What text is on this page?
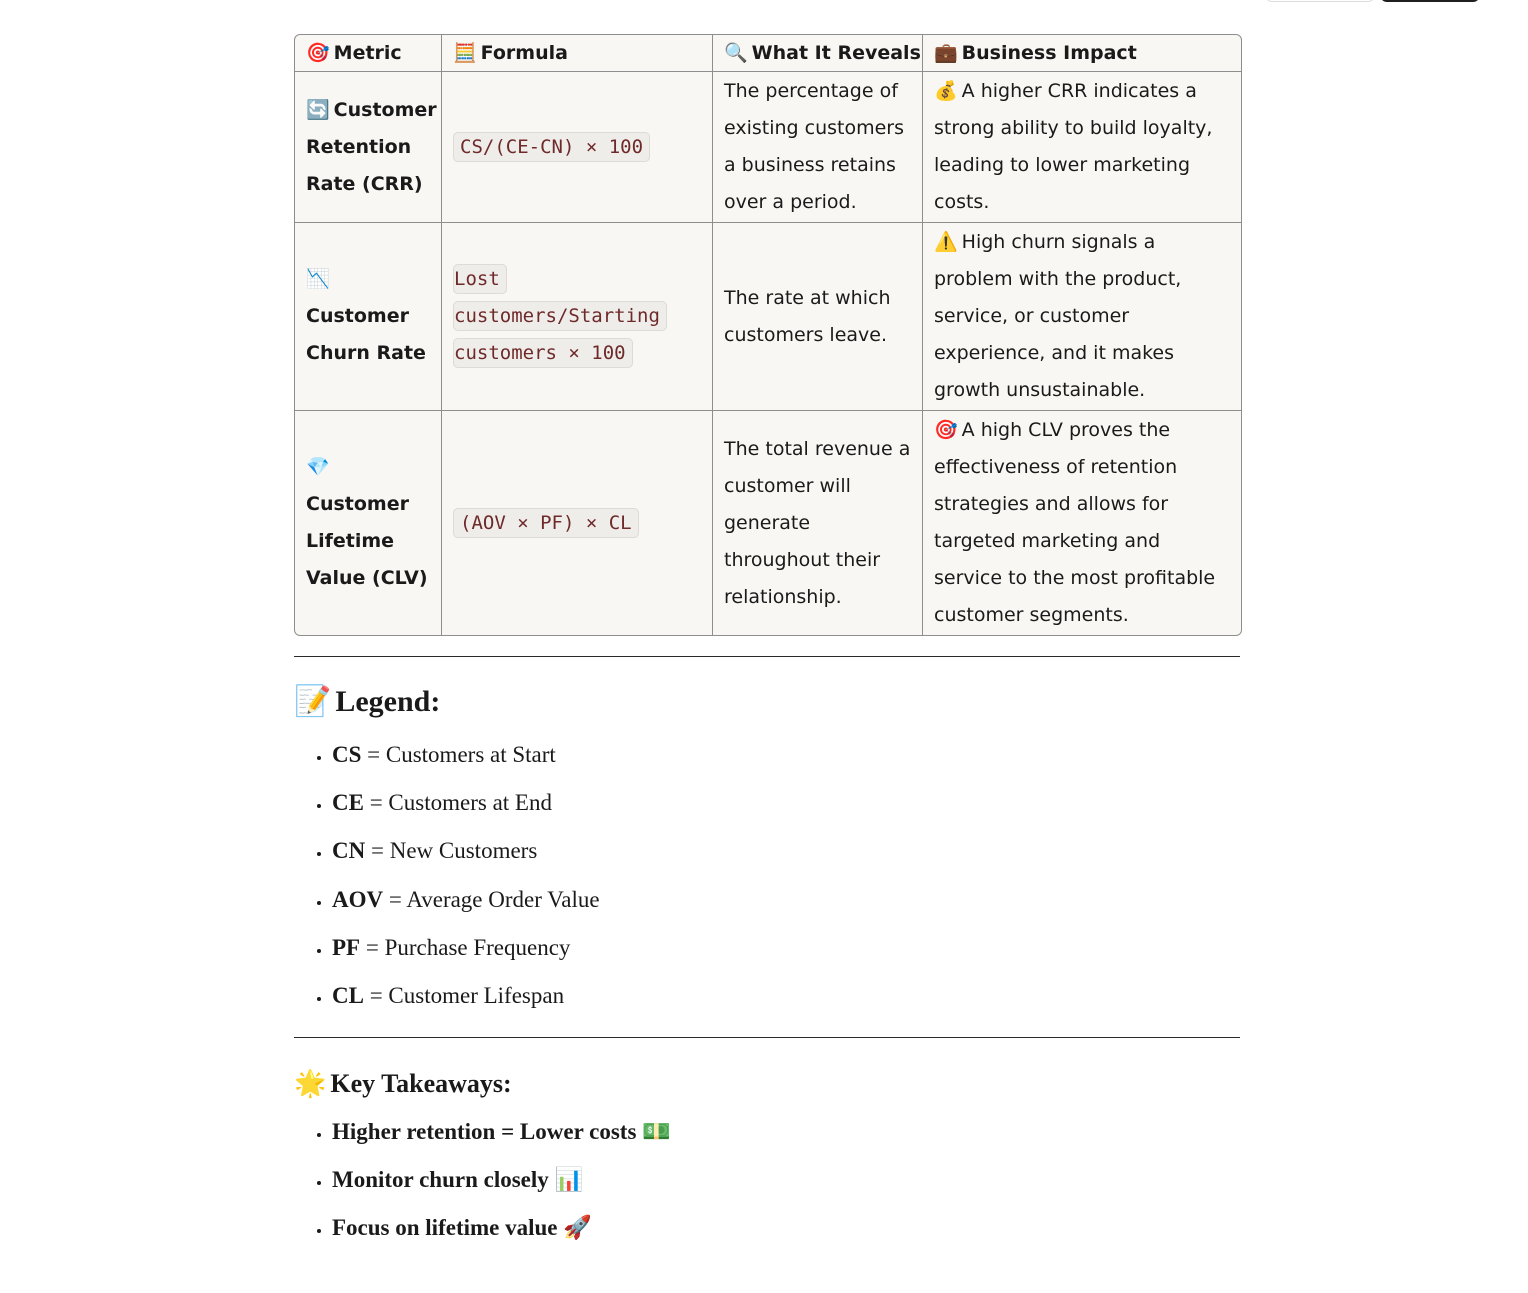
🎯 Metric	🧮 Formula	🔍 What It Reveals	💼 Business Impact
🔄 Customer Retention Rate (CRR)	CS/(CE-CN) × 100	The percentage of existing customers a business retains over a period.	💰 A higher CRR indicates a strong ability to build loyalty, leading to lower marketing costs.
📉Customer Churn Rate	Lost customers/Starting customers × 100	The rate at which customers leave.	⚠️ High churn signals a problem with the product, service, or customer experience, and it makes growth unsustainable.
💎Customer Lifetime Value (CLV)	(AOV × PF) × CL	The total revenue a customer will generate throughout their relationship.	🎯 A high CLV proves the effectiveness of retention strategies and allows for targeted marketing and service to the most profitable customer segments.
📝 Legend:
• CS = Customers at Start
• CE = Customers at End
• CN = New Customers
• AOV = Average Order Value
• PF = Purchase Frequency
• CL = Customer Lifespan
🌟 Key Takeaways:
• Higher retention = Lower costs 💵
• Monitor churn closely 📊
• Focus on lifetime value 🚀
